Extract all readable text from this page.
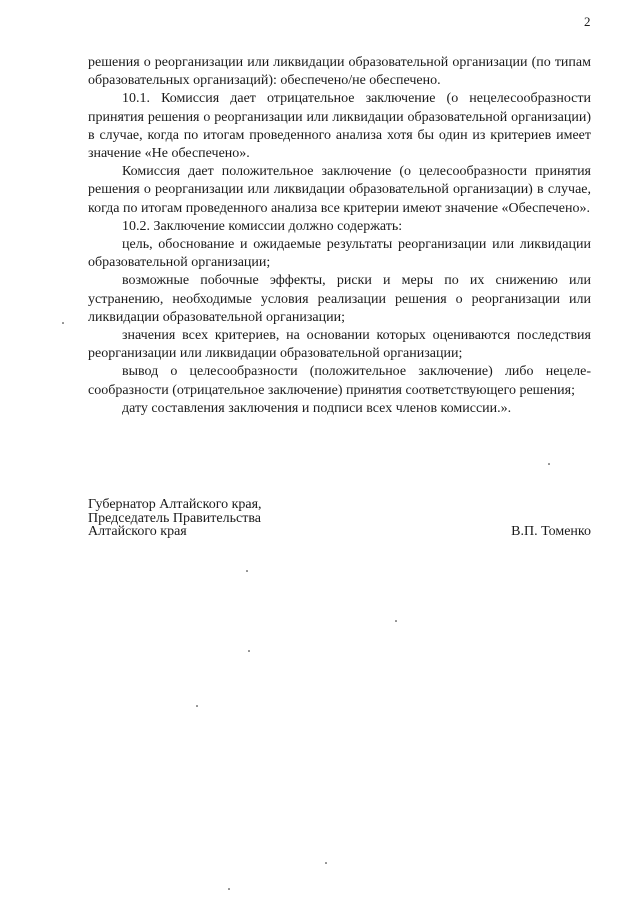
2

решения о реорганизации или ликвидации образовательной организации (по типам образовательных организаций): обеспечено/не обеспечено.

10.1. Комиссия дает отрицательное заключение (о нецелесообразности принятия решения о реорганизации или ликвидации образовательной организации) в случае, когда по итогам проведенного анализа хотя бы один из критериев имеет значение «Не обеспечено».

Комиссия дает положительное заключение (о целесообразности принятия решения о реорганизации или ликвидации образовательной организации) в случае, когда по итогам проведенного анализа все критерии имеют значение «Обеспечено».

10.2. Заключение комиссии должно содержать:

цель, обоснование и ожидаемые результаты реорганизации или ликвидации образовательной организации;

возможные побочные эффекты, риски и меры по их снижению или устранению, необходимые условия реализации решения о реорганизации или ликвидации образовательной организации;

значения всех критериев, на основании которых оцениваются последствия реорганизации или ликвидации образовательной организации;

вывод о целесообразности (положительное заключение) либо нецелесообразности (отрицательное заключение) принятия соответствующего решения;

дату составления заключения и подписи всех членов комиссии.».

Губернатор Алтайского края,
Председатель Правительства
Алтайского края	В.П. Томенко
